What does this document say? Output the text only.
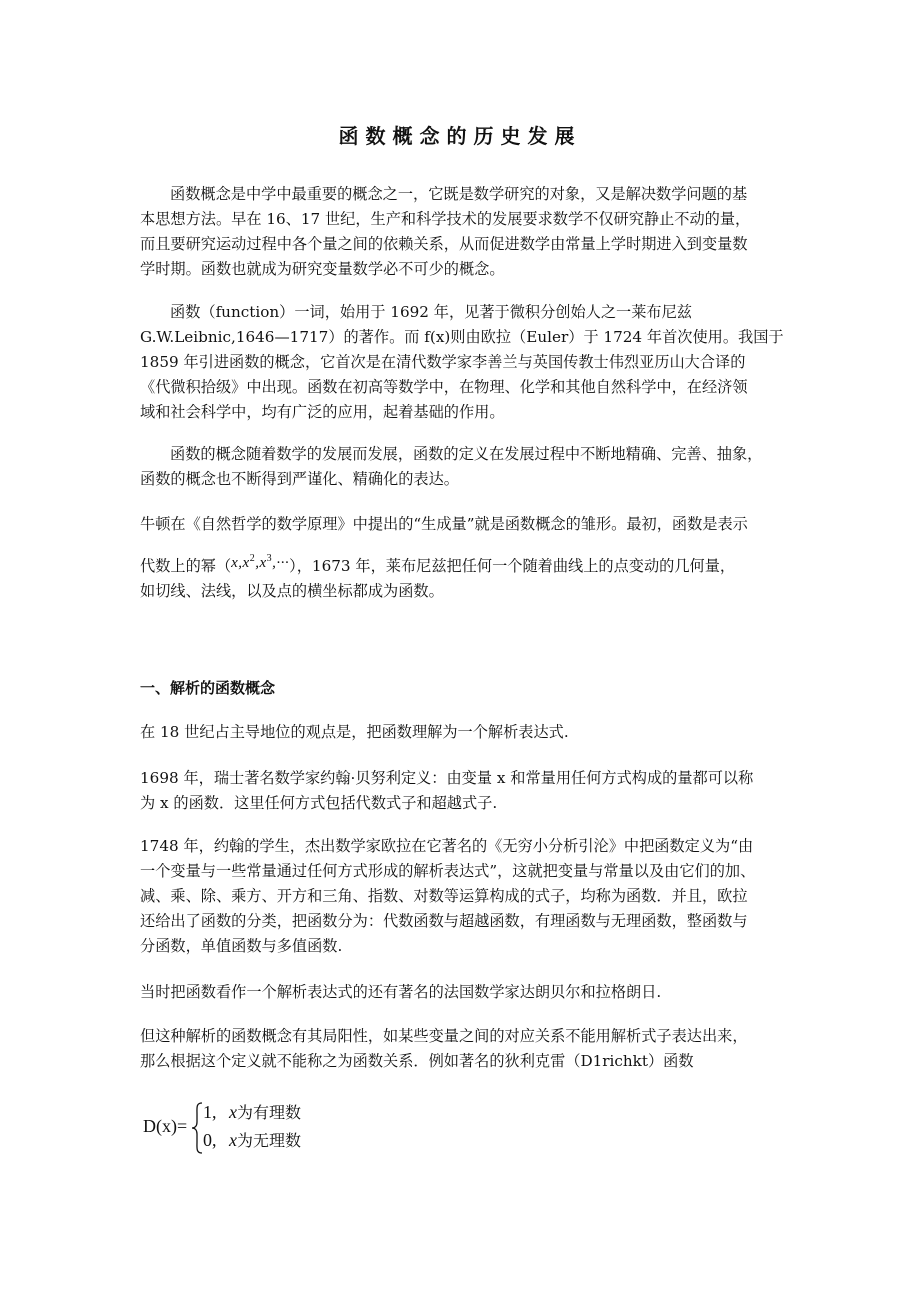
函数概念的历史发展
函数概念是中学中最重要的概念之一，它既是数学研究的对象，又是解决数学问题的基
本思想方法。早在 16、17 世纪，生产和科学技术的发展要求数学不仅研究静止不动的量，
而且要研究运动过程中各个量之间的依赖关系，从而促进数学由常量上学时期进入到变量数
学时期。函数也就成为研究变量数学必不可少的概念。
函数（function）一词，始用于 1692 年，见著于微积分创始人之一莱布尼兹
G.W.Leibnic,1646—1717）的著作。而 f(x)则由欧拉（Euler）于 1724 年首次使用。我国于
1859 年引进函数的概念，它首次是在清代数学家李善兰与英国传教士伟烈亚历山大合译的
《代微积拾级》中出现。函数在初高等数学中，在物理、化学和其他自然科学中，在经济领
域和社会科学中，均有广泛的应用，起着基础的作用。
函数的概念随着数学的发展而发展，函数的定义在发展过程中不断地精确、完善、抽象，
函数的概念也不断得到严谨化、精确化的表达。
牛顿在《自然哲学的数学原理》中提出的“生成量”就是函数概念的雏形。最初，函数是表示
代数上的幂$(x,x^2,x^3,\cdot\cdot\cdot)$，1673 年，莱布尼兹把任何一个随着曲线上的点变动的几何量，
如切线、法线，以及点的横坐标都成为函数。
一、解析的函数概念
在 18 世纪占主导地位的观点是，把函数理解为一个解析表达式.
1698 年，瑞士著名数学家约翰·贝努利定义：由变量 x 和常量用任何方式构成的量都可以称
为 x 的函数．这里任何方式包括代数式子和超越式子.
1748 年，约翰的学生，杰出数学家欧拉在它著名的《无穷小分析引沦》中把函数定义为“由
一个变量与一些常量通过任何方式形成的解析表达式”，这就把变量与常量以及由它们的加、
减、乘、除、乘方、开方和三角、指数、对数等运算构成的式子，均称为函数．并且，欧拉
还给出了函数的分类，把函数分为：代数函数与超越函数，有理函数与无理函数，整函数与
分函数，单值函数与多值函数.
当时把函数看作一个解析表达式的还有著名的法国数学家达朗贝尔和拉格朗日.
但这种解析的函数概念有其局阳性，如某些变量之间的对应关系不能用解析式子表达出来，
那么根据这个定义就不能称之为函数关系．例如著名的狄利克雷（D1richkt）函数
D(x)=
1, x为有理数
0, x为无理数
